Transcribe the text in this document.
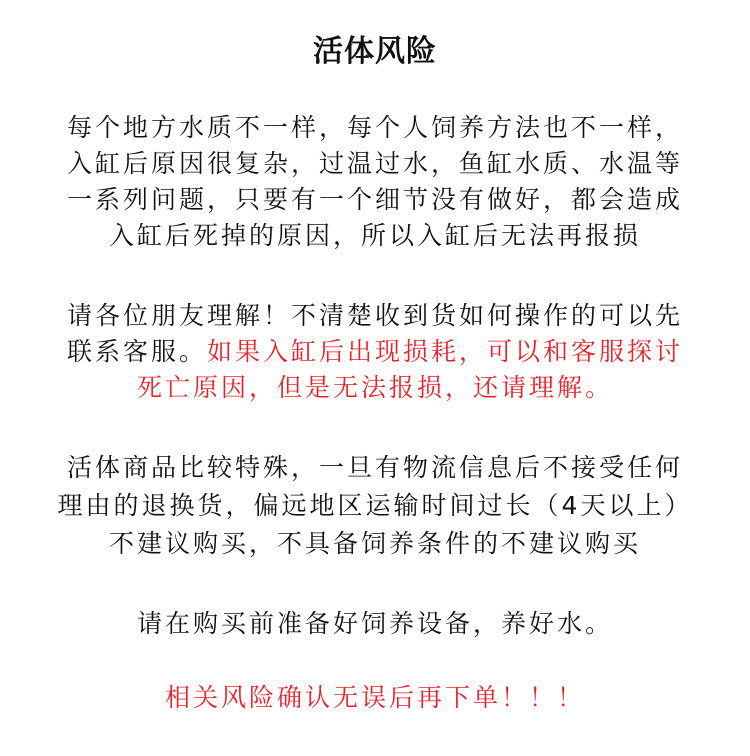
活体风险
每个地方水质不一样，每个人饲养方法也不一样，
入缸后原因很复杂，过温过水，鱼缸水质、水温等
一系列问题，只要有一个细节没有做好，都会造成
入缸后死掉的原因，所以入缸后无法再报损
请各位朋友理解！不清楚收到货如何操作的可以先
联系客服。如果入缸后出现损耗，可以和客服探讨
死亡原因，但是无法报损，还请理解。
活体商品比较特殊，一旦有物流信息后不接受任何
理由的退换货，偏远地区运输时间过长（4天以上）
不建议购买，不具备饲养条件的不建议购买
请在购买前准备好饲养设备，养好水。
相关风险确认无误后再下单！！！
